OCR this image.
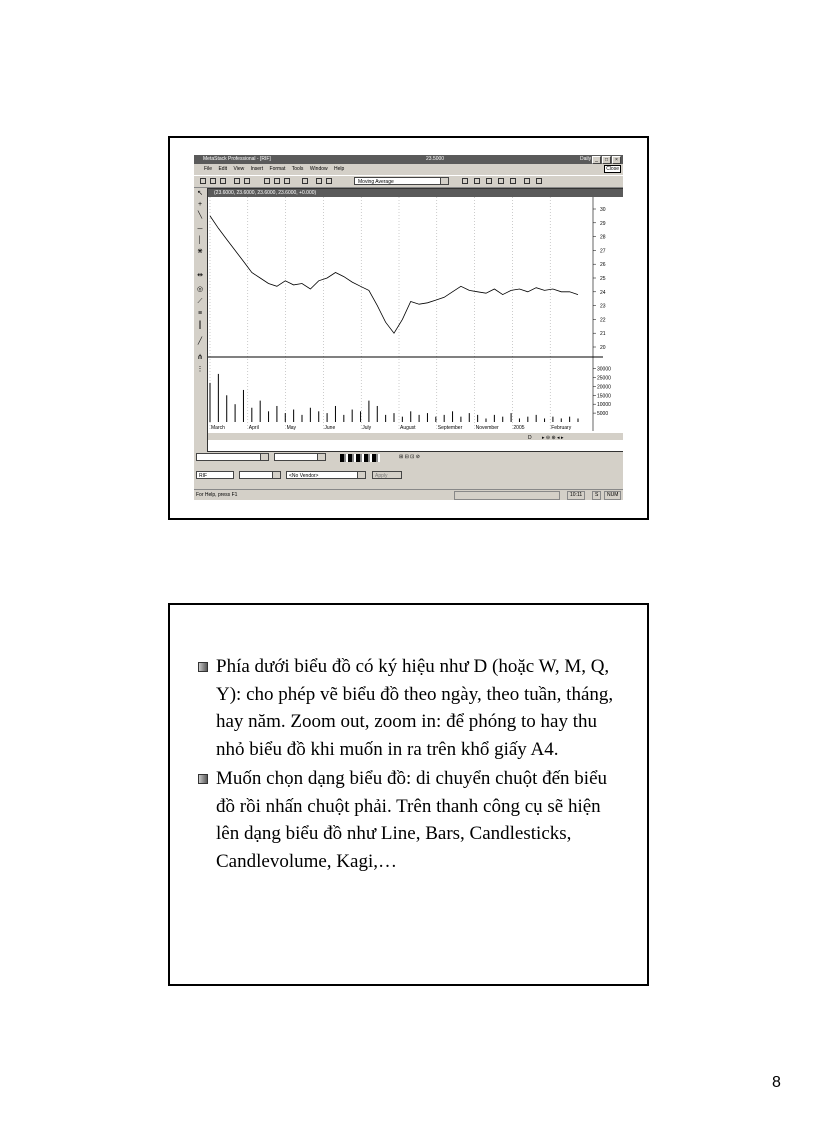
MetaStack Professional - [RIF]	23.5000	Daily _	□	×
File Edit View Insert Format Tools Window Help	Close
Moving Average
↖
+
╲
─
│
⋇
⇹
◎
⟋
≡
║
╱
⋔
⋮
(23.6000, 23.6000, 23.6000, 23.6000, +0.000)
30
29
28
27
26
25
24
23
22
21
20
30000
25000
20000
15000
10000
5000
March	April	May	June	July	August	September	November	2005	February
D ▸ ⊖ ⊕ ◂ ▸
⊞ ⊟ ⊡ ⊘
RIF	<No Vendor>	Apply
For Help, press F1	10:11	S	NUM
Phía dưới biểu đồ có ký hiệu như D (hoặc W, M, Q, Y): cho phép vẽ biểu đồ theo ngày, theo tuần, tháng, hay năm. Zoom out, zoom in: để phóng to hay thu nhỏ biểu đồ khi muốn in ra trên khổ giấy A4.
Muốn chọn dạng biểu đồ: di chuyển chuột đến biểu đồ rồi nhấn chuột phải. Trên thanh công cụ sẽ hiện lên dạng biểu đồ như Line, Bars, Candlesticks, Candlevolume, Kagi,…
8
